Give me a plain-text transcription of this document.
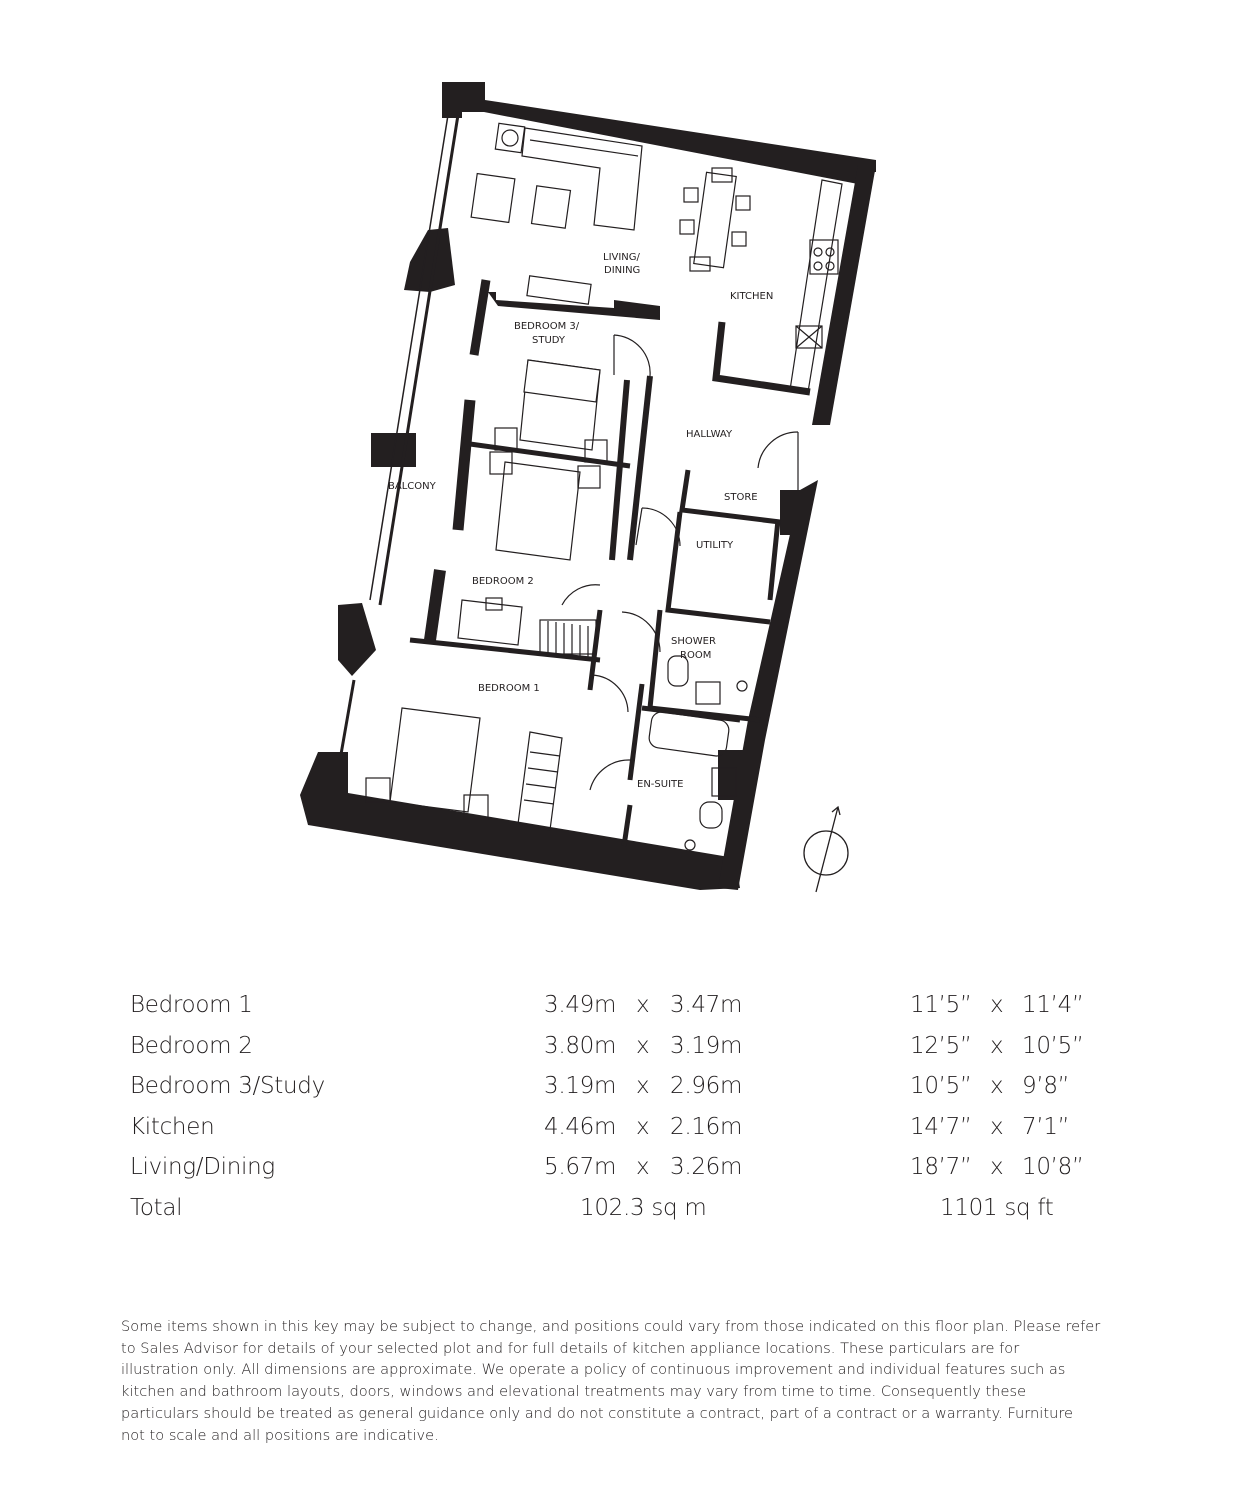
LIVING/
DINING
KITCHEN
BEDROOM 3/
STUDY
HALLWAY
BALCONY
STORE
UTILITY
BEDROOM 2
SHOWER
ROOM
BEDROOM 1
EN-SUITE
Bedroom 1	3.49m x 3.47m	11’5” x 11’4”
Bedroom 2	3.80m x 3.19m	12’5” x 10’5”
Bedroom 3/Study	3.19m x 2.96m	10’5” x 9’8”
Kitchen	4.46m x 2.16m	14’7” x 7’1”
Living/Dining	5.67m x 3.26m	18’7” x 10’8”
Total	102.3 sq m	1101 sq ft

Some items shown in this key may be subject to change, and positions could vary from those indicated on this floor plan. Please refer to Sales Advisor for details of your selected plot and for full details of kitchen appliance locations. These particulars are for illustration only. All dimensions are approximate. We operate a policy of continuous improvement and individual features such as kitchen and bathroom layouts, doors, windows and elevational treatments may vary from time to time. Consequently these particulars should be treated as general guidance only and do not constitute a contract, part of a contract or a warranty. Furniture not to scale and all positions are indicative.
